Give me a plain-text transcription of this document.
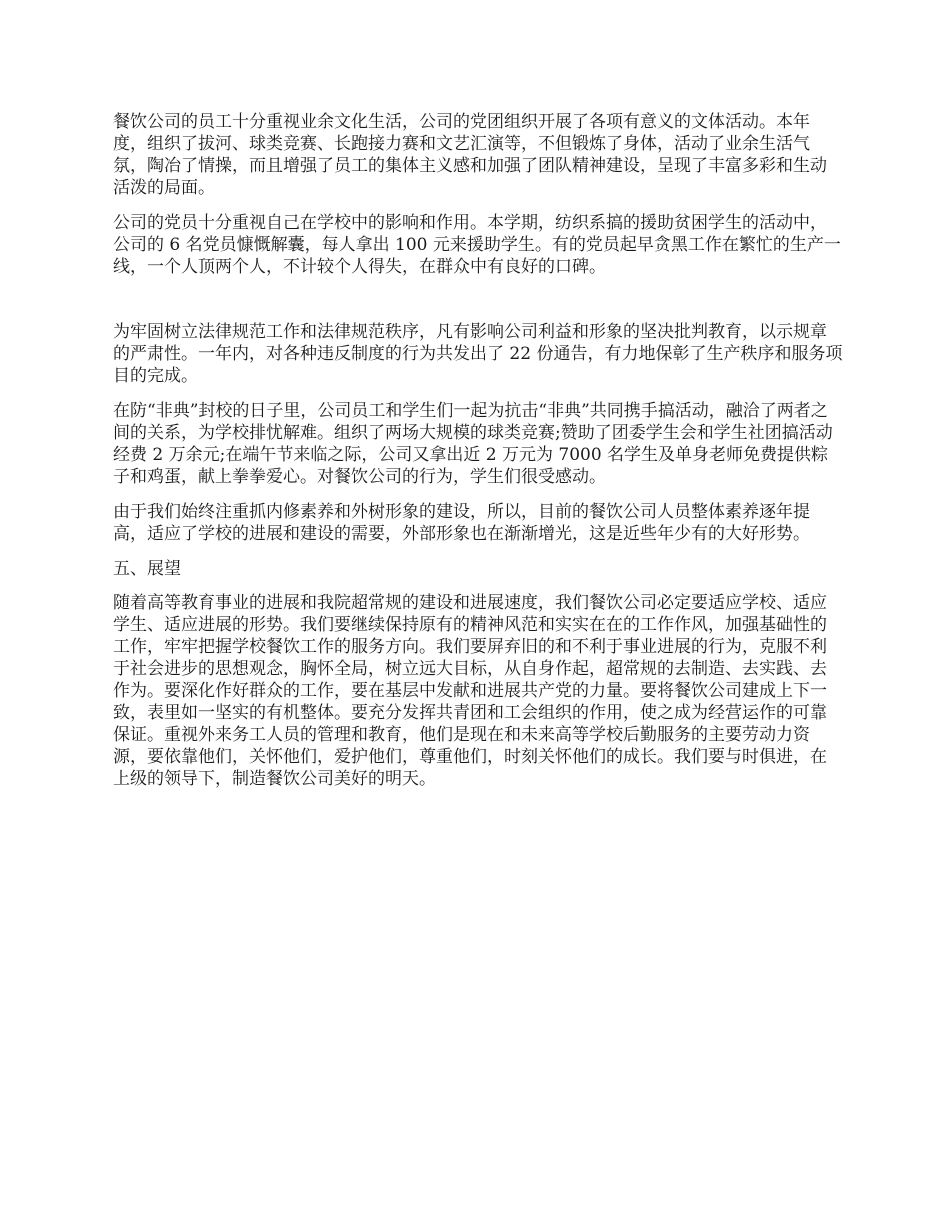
餐饮公司的员工十分重视业余文化生活，公司的党团组织开展了各项有意义的文体活动。本年度，组织了拔河、球类竞赛、长跑接力赛和文艺汇演等，不但锻炼了身体，活动了业余生活气氛，陶冶了情操，而且增强了员工的集体主义感和加强了团队精神建设，呈现了丰富多彩和生动活泼的局面。

公司的党员十分重视自己在学校中的影响和作用。本学期，纺织系搞的援助贫困学生的活动中，公司的 6 名党员慷慨解囊，每人拿出 100 元来援助学生。有的党员起早贪黑工作在繁忙的生产一线，一个人顶两个人，不计较个人得失，在群众中有良好的口碑。

为牢固树立法律规范工作和法律规范秩序，凡有影响公司利益和形象的坚决批判教育，以示规章的严肃性。一年内，对各种违反制度的行为共发出了 22 份通告，有力地保彰了生产秩序和服务项目的完成。

在防“非典”封校的日子里，公司员工和学生们一起为抗击“非典”共同携手搞活动，融洽了两者之间的关系，为学校排忧解难。组织了两场大规模的球类竞赛;赞助了团委学生会和学生社团搞活动经费 2 万余元;在端午节来临之际，公司又拿出近 2 万元为 7000 名学生及单身老师免费提供粽子和鸡蛋，献上拳拳爱心。对餐饮公司的行为，学生们很受感动。

由于我们始终注重抓内修素养和外树形象的建设，所以，目前的餐饮公司人员整体素养逐年提高，适应了学校的进展和建设的需要，外部形象也在渐渐增光，这是近些年少有的大好形势。

五、展望

随着高等教育事业的进展和我院超常规的建设和进展速度，我们餐饮公司必定要适应学校、适应学生、适应进展的形势。我们要继续保持原有的精神风范和实实在在的工作作风，加强基础性的工作，牢牢把握学校餐饮工作的服务方向。我们要屏弃旧的和不利于事业进展的行为，克服不利于社会进步的思想观念，胸怀全局，树立远大目标，从自身作起，超常规的去制造、去实践、去作为。要深化作好群众的工作，要在基层中发献和进展共产党的力量。要将餐饮公司建成上下一致，表里如一坚实的有机整体。要充分发挥共青团和工会组织的作用，使之成为经营运作的可靠保证。重视外来务工人员的管理和教育，他们是现在和未来高等学校后勤服务的主要劳动力资源，要依靠他们，关怀他们，爱护他们，尊重他们，时刻关怀他们的成长。我们要与时俱进，在上级的领导下，制造餐饮公司美好的明天。
